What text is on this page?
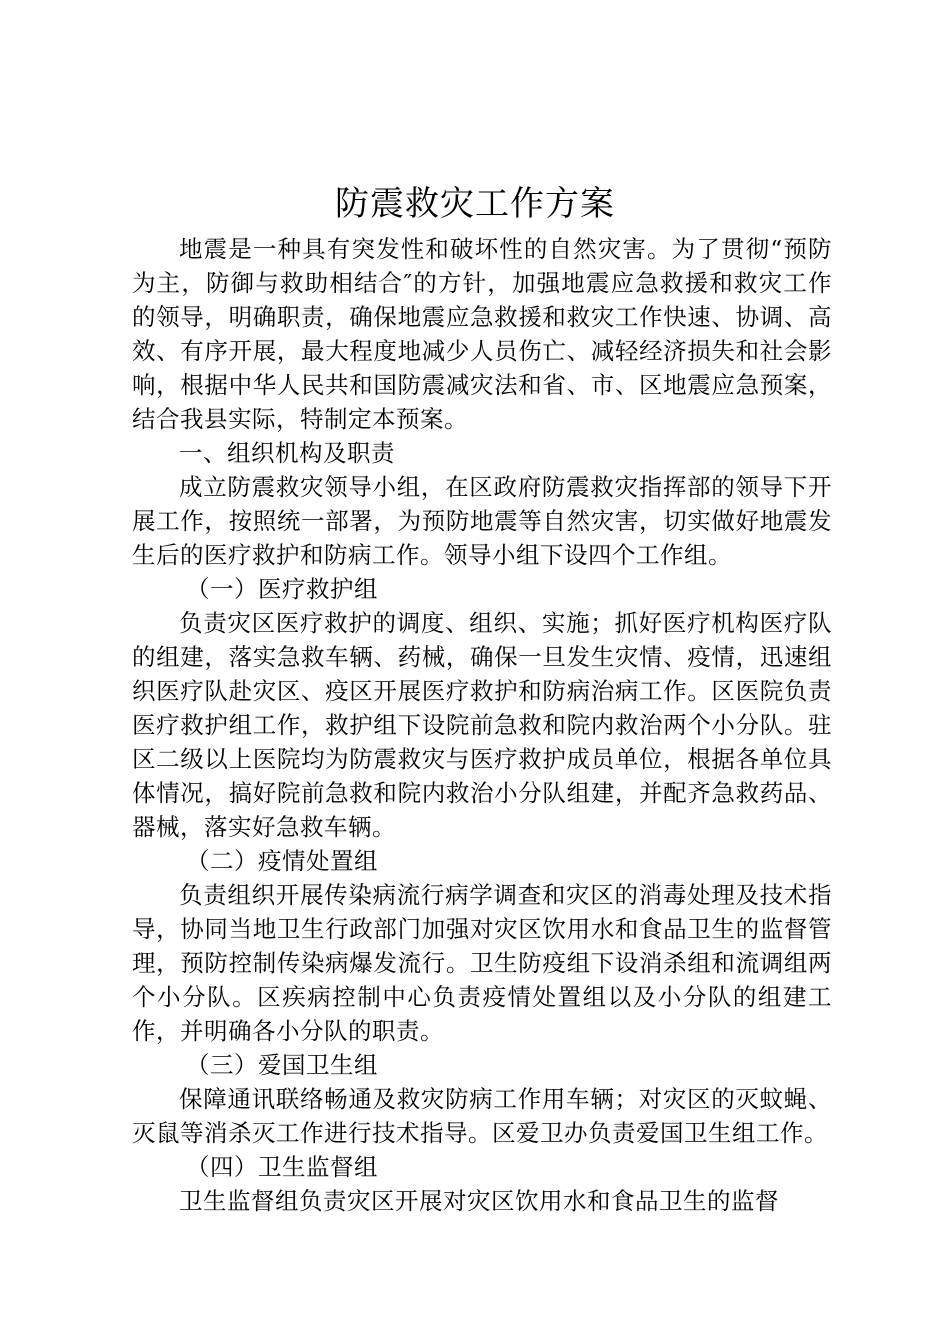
防震救灾工作方案

地震是一种具有突发性和破坏性的自然灾害。为了贯彻“预防为主，防御与救助相结合″的方针，加强地震应急救援和救灾工作的领导，明确职责，确保地震应急救援和救灾工作快速、协调、高效、有序开展，最大程度地减少人员伤亡、减轻经济损失和社会影响，根据中华人民共和国防震减灾法和省、市、区地震应急预案，结合我县实际，特制定本预案。

一、组织机构及职责

成立防震救灾领导小组，在区政府防震救灾指挥部的领导下开展工作，按照统一部署，为预防地震等自然灾害，切实做好地震发生后的医疗救护和防病工作。领导小组下设四个工作组。

（一）医疗救护组

负责灾区医疗救护的调度、组织、实施；抓好医疗机构医疗队的组建，落实急救车辆、药械，确保一旦发生灾情、疫情，迅速组织医疗队赴灾区、疫区开展医疗救护和防病治病工作。区医院负责医疗救护组工作，救护组下设院前急救和院内救治两个小分队。驻区二级以上医院均为防震救灾与医疗救护成员单位，根据各单位具体情况，搞好院前急救和院内救治小分队组建，并配齐急救药品、器械，落实好急救车辆。

（二）疫情处置组

负责组织开展传染病流行病学调查和灾区的消毒处理及技术指导，协同当地卫生行政部门加强对灾区饮用水和食品卫生的监督管理，预防控制传染病爆发流行。卫生防疫组下设消杀组和流调组两个小分队。区疾病控制中心负责疫情处置组以及小分队的组建工作，并明确各小分队的职责。

（三）爱国卫生组

保障通讯联络畅通及救灾防病工作用车辆；对灾区的灭蚊蝇、灭鼠等消杀灭工作进行技术指导。区爱卫办负责爱国卫生组工作。

（四）卫生监督组

卫生监督组负责灾区开展对灾区饮用水和食品卫生的监督
